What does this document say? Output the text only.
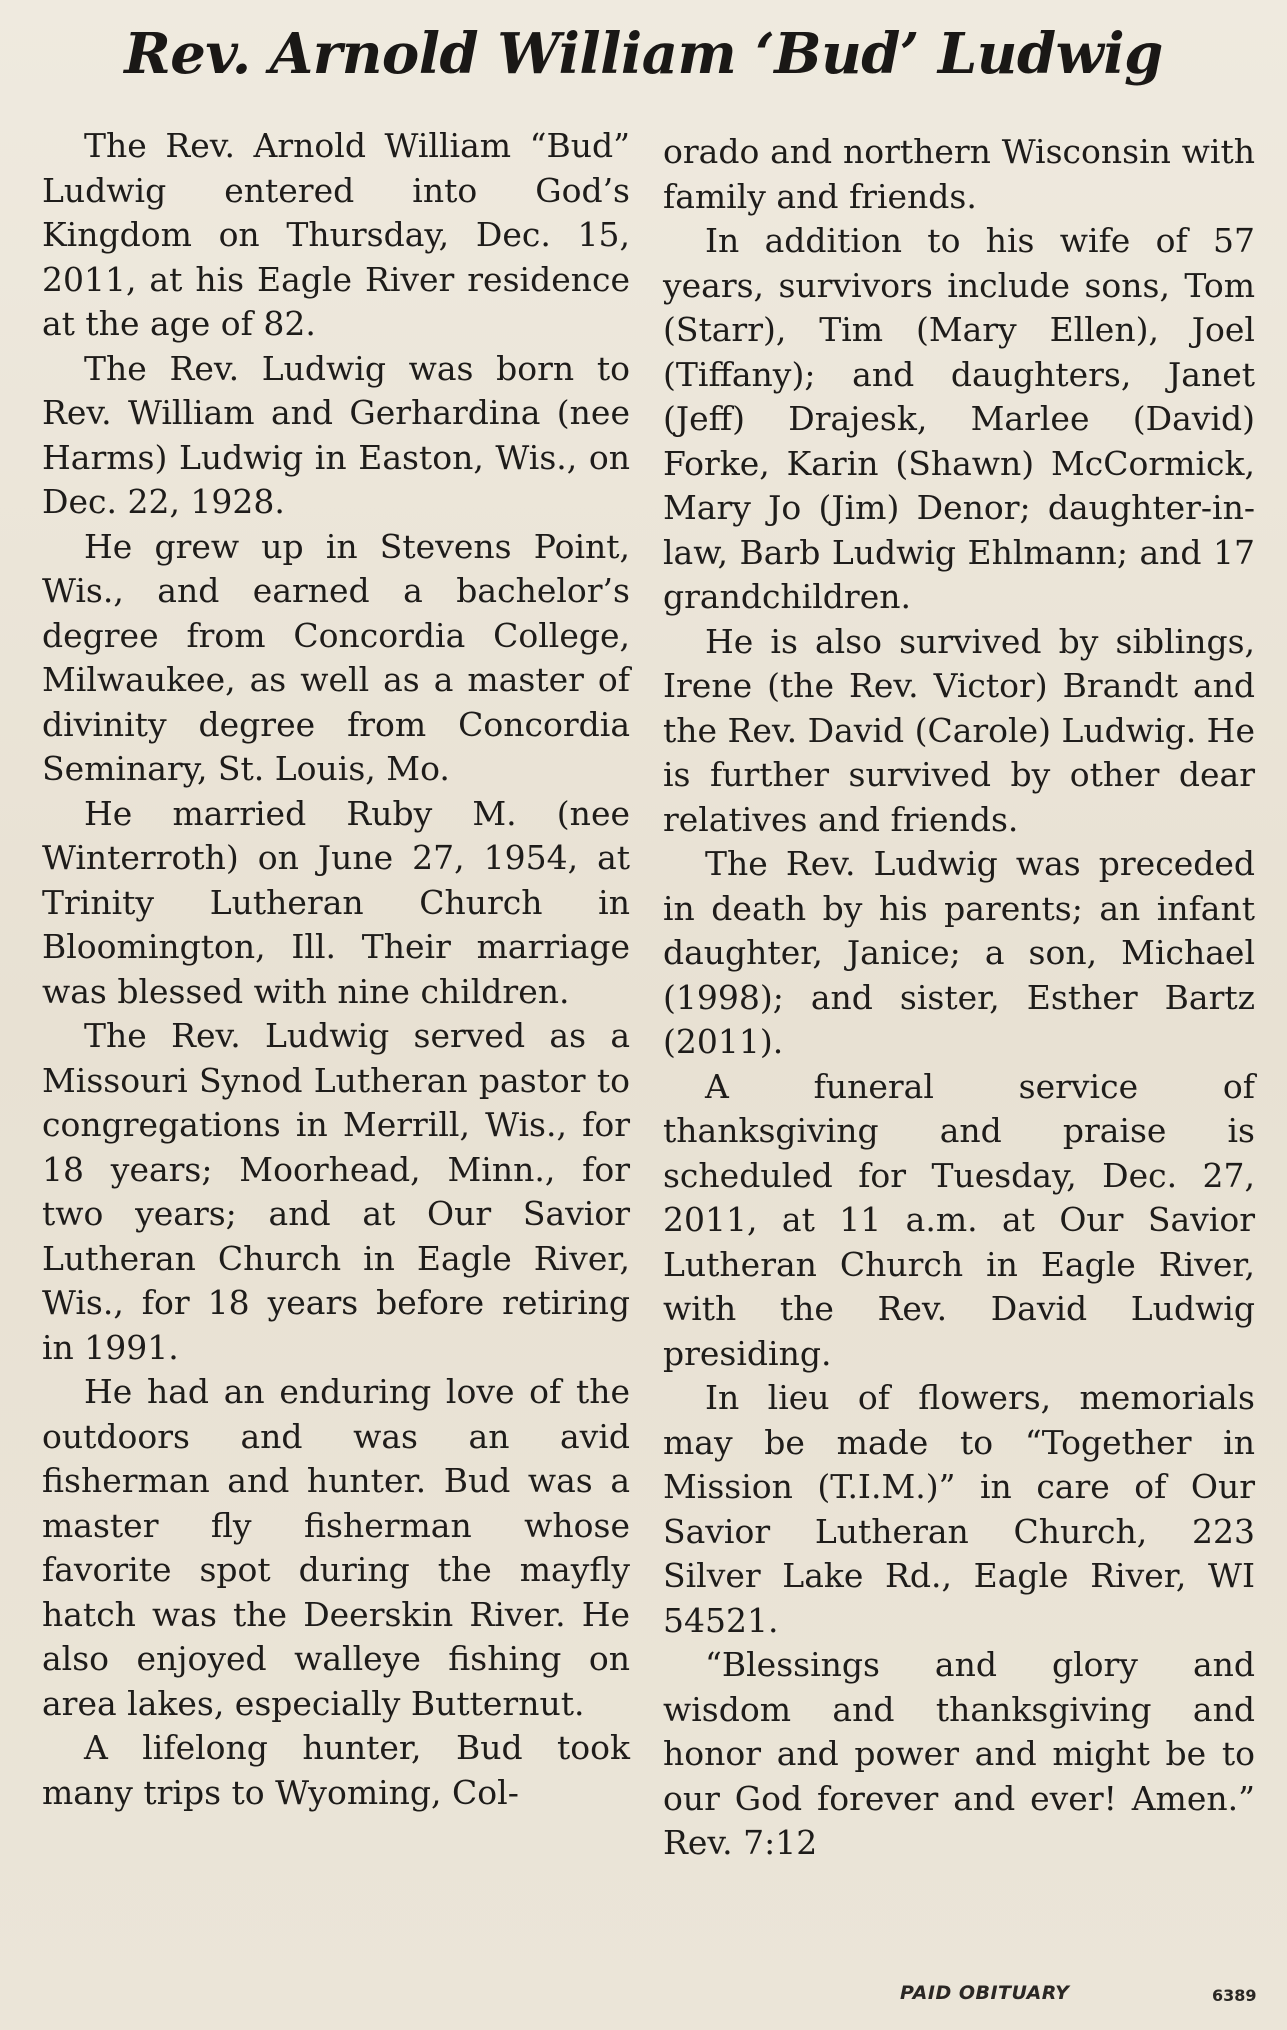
Rev. Arnold William ‘Bud’ Ludwig

The Rev. Arnold William “Bud” Ludwig entered into God’s Kingdom on Thursday, Dec. 15, 2011, at his Eagle River residence at the age of 82.

The Rev. Ludwig was born to Rev. William and Gerhardina (nee Harms) Ludwig in Easton, Wis., on Dec. 22, 1928.

He grew up in Stevens Point, Wis., and earned a bachelor’s degree from Concordia College, Milwaukee, as well as a master of divinity degree from Concordia Seminary, St. Louis, Mo.

He married Ruby M. (nee Winterroth) on June 27, 1954, at Trinity Lutheran Church in Bloomington, Ill. Their marriage was blessed with nine children.

The Rev. Ludwig served as a Missouri Synod Lutheran pastor to congregations in Merrill, Wis., for 18 years; Moorhead, Minn., for two years; and at Our Savior Lutheran Church in Eagle River, Wis., for 18 years before retiring in 1991.

He had an enduring love of the outdoors and was an avid fisherman and hunter. Bud was a master fly fisherman whose favorite spot during the mayfly hatch was the Deerskin River. He also enjoyed walleye fishing on area lakes, especially Butternut.

A lifelong hunter, Bud took many trips to Wyoming, Col-

orado and northern Wisconsin with family and friends.

In addition to his wife of 57 years, survivors include sons, Tom (Starr), Tim (Mary Ellen), Joel (Tiffany); and daughters, Janet (Jeff) Drajesk, Marlee (David) Forke, Karin (Shawn) McCormick, Mary Jo (Jim) Denor; daughter-in-law, Barb Ludwig Ehlmann; and 17 grandchildren.

He is also survived by siblings, Irene (the Rev. Victor) Brandt and the Rev. David (Carole) Ludwig. He is further survived by other dear relatives and friends.

The Rev. Ludwig was preceded in death by his parents; an infant daughter, Janice; a son, Michael (1998); and sister, Esther Bartz (2011).

A funeral service of thanksgiving and praise is scheduled for Tuesday, Dec. 27, 2011, at 11 a.m. at Our Savior Lutheran Church in Eagle River, with the Rev. David Ludwig presiding.

In lieu of flowers, memorials may be made to “Together in Mission (T.I.M.)” in care of Our Savior Lutheran Church, 223 Silver Lake Rd., Eagle River, WI 54521.

“Blessings and glory and wisdom and thanksgiving and honor and power and might be to our God forever and ever! Amen.” Rev. 7:12

PAID OBITUARY	6389
